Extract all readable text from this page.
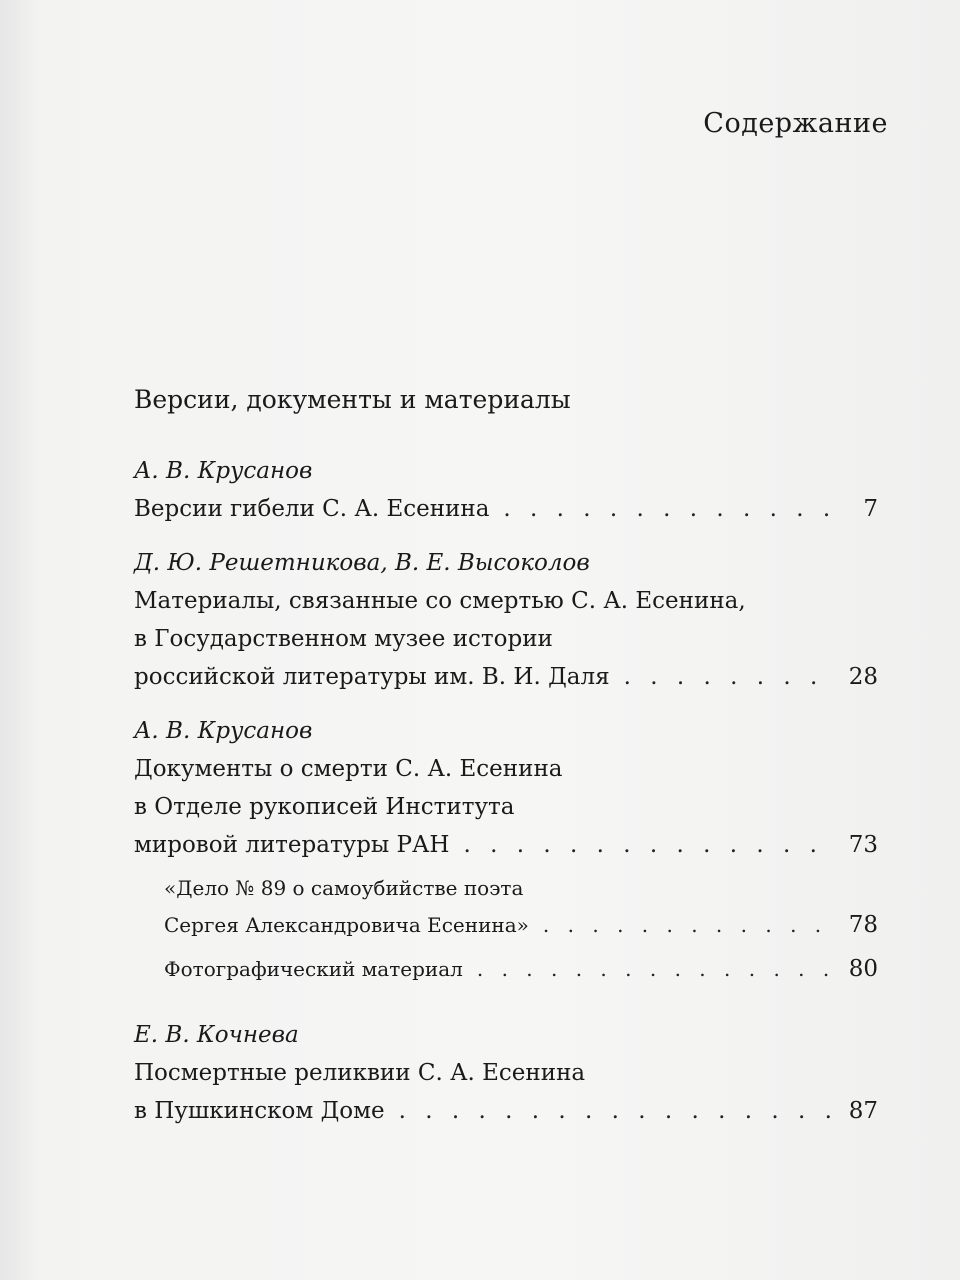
Содержание
Версии, документы и материалы
А. В. Крусанов
Версии гибели С. А. Есенина . . .	7
Д. Ю. Решетникова, В. Е. Высоколов
Материалы, связанные со смертью С. А. Есенина,
в Государственном музее истории
российской литературы им. В. И. Даля . . .	28
А. В. Крусанов
Документы о смерти С. А. Есенина
в Отделе рукописей Института
мировой литературы РАН . . .	73
«Дело № 89 о самоубийстве поэта
Сергея Александровича Есенина» . . .	78
Фотографический материал . . .	80
Е. В. Кочнева
Посмертные реликвии С. А. Есенина
в Пушкинском Доме . . .	87
